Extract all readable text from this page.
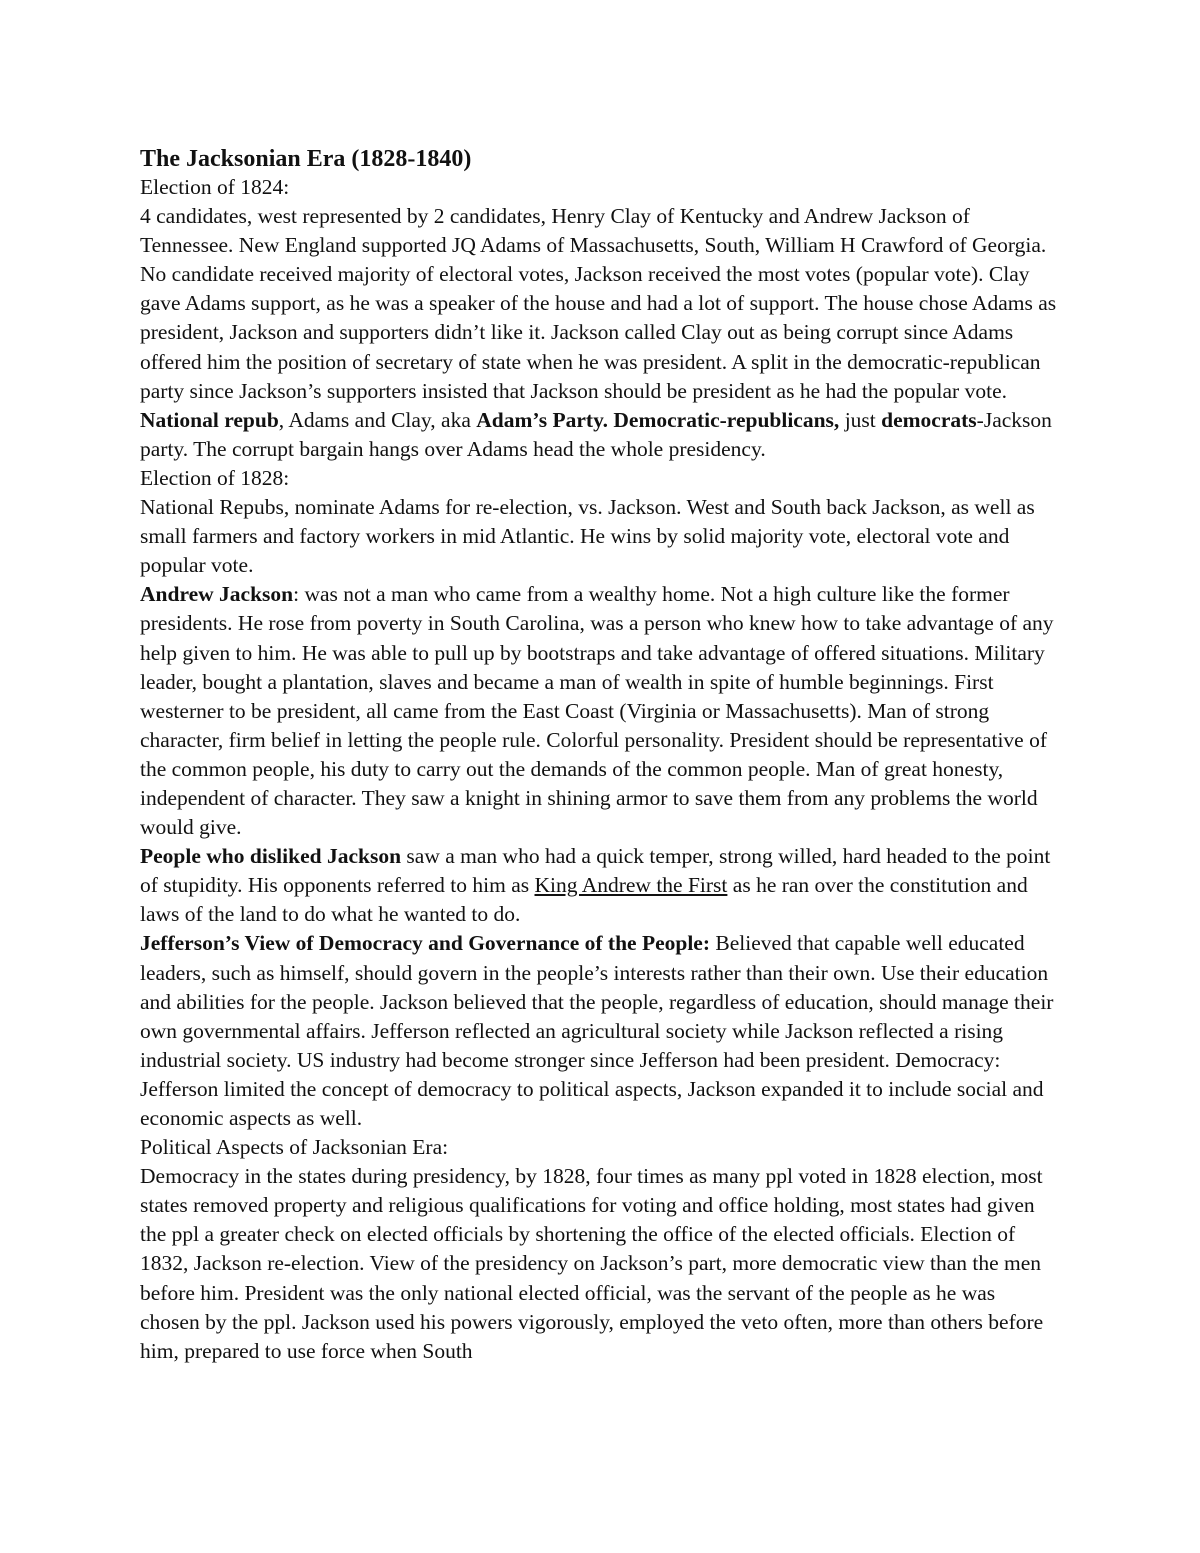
The Jacksonian Era (1828-1840)
Election of 1824:
4 candidates, west represented by 2 candidates, Henry Clay of Kentucky and Andrew Jackson of Tennessee. New England supported JQ Adams of Massachusetts, South, William H Crawford of Georgia. No candidate received majority of electoral votes, Jackson received the most votes (popular vote). Clay gave Adams support, as he was a speaker of the house and had a lot of support. The house chose Adams as president, Jackson and supporters didn’t like it. Jackson called Clay out as being corrupt since Adams offered him the position of secretary of state when he was president. A split in the democratic-republican party since Jackson’s supporters insisted that Jackson should be president as he had the popular vote. National repub, Adams and Clay, aka Adam’s Party. Democratic-republicans, just democrats-Jackson party. The corrupt bargain hangs over Adams head the whole presidency.
Election of 1828:
National Repubs, nominate Adams for re-election, vs. Jackson. West and South back Jackson, as well as small farmers and factory workers in mid Atlantic. He wins by solid majority vote, electoral vote and popular vote.
Andrew Jackson: was not a man who came from a wealthy home. Not a high culture like the former presidents. He rose from poverty in South Carolina, was a person who knew how to take advantage of any help given to him. He was able to pull up by bootstraps and take advantage of offered situations. Military leader, bought a plantation, slaves and became a man of wealth in spite of humble beginnings. First westerner to be president, all came from the East Coast (Virginia or Massachusetts). Man of strong character, firm belief in letting the people rule. Colorful personality. President should be representative of the common people, his duty to carry out the demands of the common people. Man of great honesty, independent of character. They saw a knight in shining armor to save them from any problems the world would give.
People who disliked Jackson saw a man who had a quick temper, strong willed, hard headed to the point of stupidity. His opponents referred to him as King Andrew the First as he ran over the constitution and laws of the land to do what he wanted to do.
Jefferson’s View of Democracy and Governance of the People: Believed that capable well educated leaders, such as himself, should govern in the people’s interests rather than their own. Use their education and abilities for the people. Jackson believed that the people, regardless of education, should manage their own governmental affairs. Jefferson reflected an agricultural society while Jackson reflected a rising industrial society. US industry had become stronger since Jefferson had been president. Democracy: Jefferson limited the concept of democracy to political aspects, Jackson expanded it to include social and economic aspects as well.
Political Aspects of Jacksonian Era:
Democracy in the states during presidency, by 1828, four times as many ppl voted in 1828 election, most states removed property and religious qualifications for voting and office holding, most states had given the ppl a greater check on elected officials by shortening the office of the elected officials. Election of 1832, Jackson re-election. View of the presidency on Jackson’s part, more democratic view than the men before him. President was the only national elected official, was the servant of the people as he was chosen by the ppl. Jackson used his powers vigorously, employed the veto often, more than others before him, prepared to use force when South
